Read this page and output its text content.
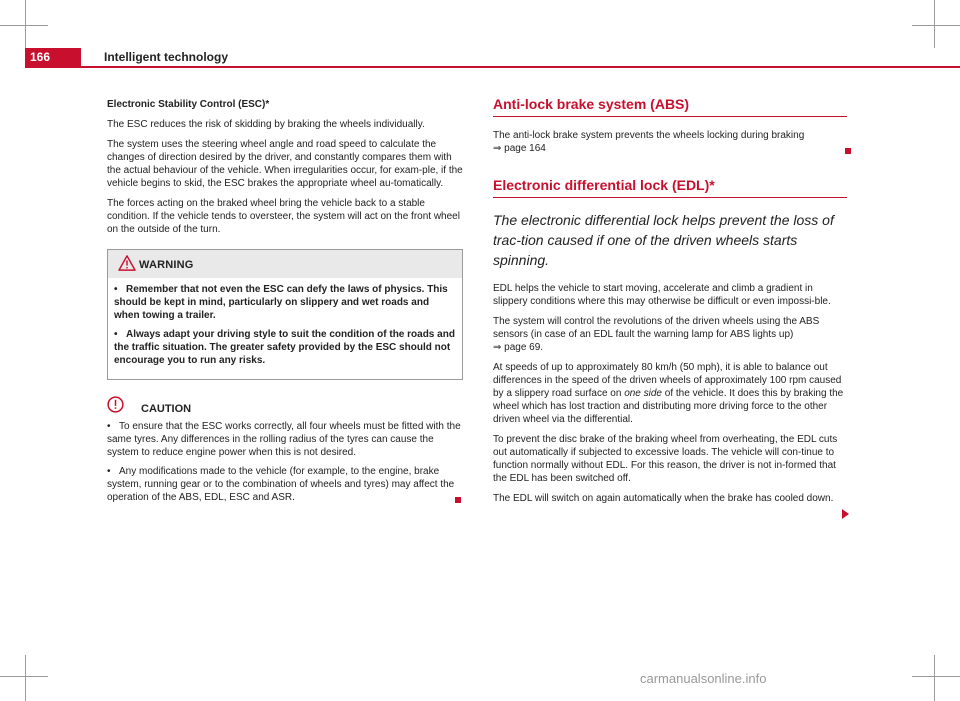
166	Intelligent technology

Electronic Stability Control (ESC)*

The ESC reduces the risk of skidding by braking the wheels individually.

The system uses the steering wheel angle and road speed to calculate the changes of direction desired by the driver, and constantly compares them with the actual behaviour of the vehicle. When irregularities occur, for exam-ple, if the vehicle begins to skid, the ESC brakes the appropriate wheel au-tomatically.

The forces acting on the braked wheel bring the vehicle back to a stable condition. If the vehicle tends to oversteer, the system will act on the front wheel on the outside of the turn.

WARNING
• Remember that not even the ESC can defy the laws of physics. This should be kept in mind, particularly on slippery and wet roads and when towing a trailer.
• Always adapt your driving style to suit the condition of the roads and the traffic situation. The greater safety provided by the ESC should not encourage you to run any risks.
CAUTION
• To ensure that the ESC works correctly, all four wheels must be fitted with the same tyres. Any differences in the rolling radius of the tyres can cause the system to reduce engine power when this is not desired.
• Any modifications made to the vehicle (for example, to the engine, brake system, running gear or to the combination of wheels and tyres) may affect the operation of the ABS, EDL, ESC and ASR.
Anti-lock brake system (ABS)

The anti-lock brake system prevents the wheels locking during braking
⇒ page 164

Electronic differential lock (EDL)*

The electronic differential lock helps prevent the loss of trac-tion caused if one of the driven wheels starts spinning.

EDL helps the vehicle to start moving, accelerate and climb a gradient in slippery conditions where this may otherwise be difficult or even impossi-ble.

The system will control the revolutions of the driven wheels using the ABS sensors (in case of an EDL fault the warning lamp for ABS lights up)
⇒ page 69.

At speeds of up to approximately 80 km/h (50 mph), it is able to balance out differences in the speed of the driven wheels of approximately 100 rpm caused by a slippery road surface on one side of the vehicle. It does this by braking the wheel which has lost traction and distributing more driving force to the other driven wheel via the differential.

To prevent the disc brake of the braking wheel from overheating, the EDL cuts out automatically if subjected to excessive loads. The vehicle will con-tinue to function normally without EDL. For this reason, the driver is not in-formed that the EDL has been switched off.

The EDL will switch on again automatically when the brake has cooled down.

carmanualsonline.info
